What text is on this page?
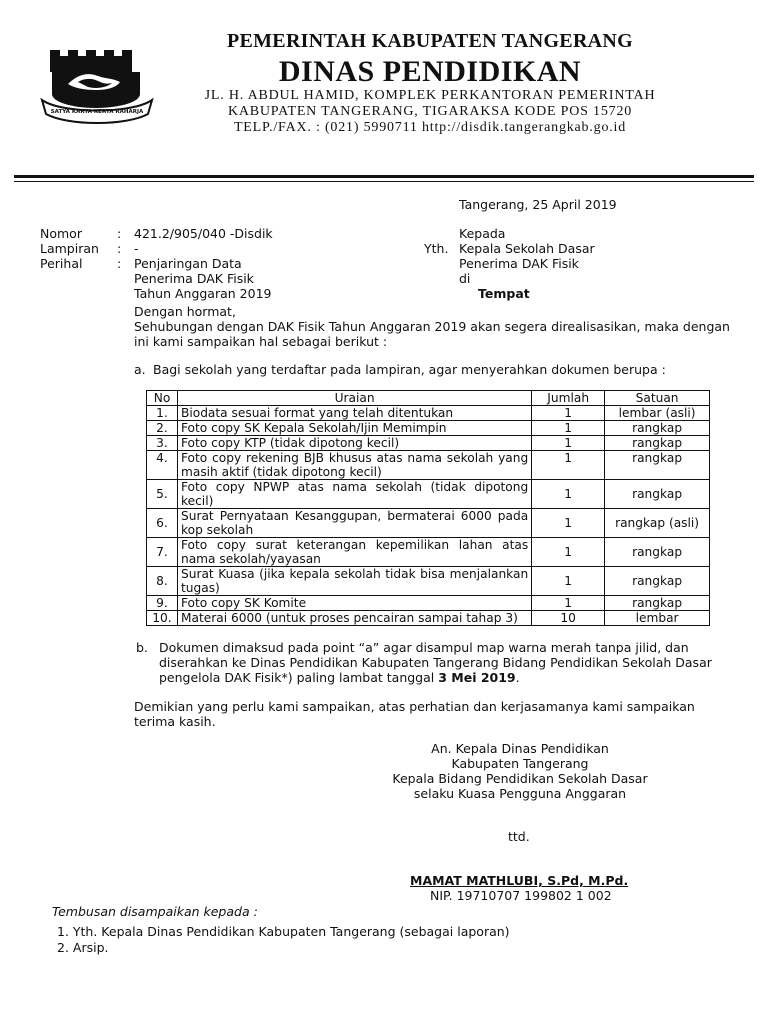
SATYA KARYA KERTA RAHARJA
PEMERINTAH KABUPATEN TANGERANG
DINAS PENDIDIKAN
JL. H. ABDUL HAMID, KOMPLEK PERKANTORAN PEMERINTAH
KABUPATEN TANGERANG, TIGARAKSA KODE POS 15720
TELP./FAX. : (021) 5990711 http://disdik.tangerangkab.go.id
Tangerang, 25 April 2019
Nomor	: 421.2/905/040 -Disdik
Lampiran : -
Perihal	: Penjaringan Data
Penerima DAK Fisik
Tahun Anggaran 2019
Kepada
Yth. Kepala Sekolah Dasar
Penerima DAK Fisik
di
Tempat
Dengan hormat,
Sehubungan dengan DAK Fisik Tahun Anggaran 2019 akan segera direalisasikan, maka dengan
ini kami sampaikan hal sebagai berikut :
a. Bagi sekolah yang terdaftar pada lampiran, agar menyerahkan dokumen berupa :
No	Uraian	Jumlah	Satuan
1.	Biodata sesuai format yang telah ditentukan	1	lembar (asli)
2.	Foto copy SK Kepala Sekolah/Ijin Memimpin	1	rangkap
3.	Foto copy KTP (tidak dipotong kecil)	1	rangkap
4.	Foto copy rekening BJB khusus atas nama sekolah yang masih aktif (tidak dipotong kecil)	1	rangkap
5.	Foto copy NPWP atas nama sekolah (tidak dipotong kecil)	1	rangkap
6.	Surat Pernyataan Kesanggupan, bermaterai 6000 pada kop sekolah	1	rangkap (asli)
7.	Foto copy surat keterangan kepemilikan lahan atas nama sekolah/yayasan	1	rangkap
8.	Surat Kuasa (jika kepala sekolah tidak bisa menjalankan tugas)	1	rangkap
9.	Foto copy SK Komite	1	rangkap
10.	Materai 6000 (untuk proses pencairan sampai tahap 3)	10	lembar
b. Dokumen dimaksud pada point “a” agar disampul map warna merah tanpa jilid, dan
diserahkan ke Dinas Pendidikan Kabupaten Tangerang Bidang Pendidikan Sekolah Dasar
pengelola DAK Fisik*) paling lambat tanggal 3 Mei 2019.
Demikian yang perlu kami sampaikan, atas perhatian dan kerjasamanya kami sampaikan
terima kasih.
An. Kepala Dinas Pendidikan
Kabupaten Tangerang
Kepala Bidang Pendidikan Sekolah Dasar
selaku Kuasa Pengguna Anggaran
ttd.
MAMAT MATHLUBI, S.Pd, M.Pd.
NIP. 19710707 199802 1 002
Tembusan disampaikan kepada :
1. Yth. Kepala Dinas Pendidikan Kabupaten Tangerang (sebagai laporan)
2. Arsip.
